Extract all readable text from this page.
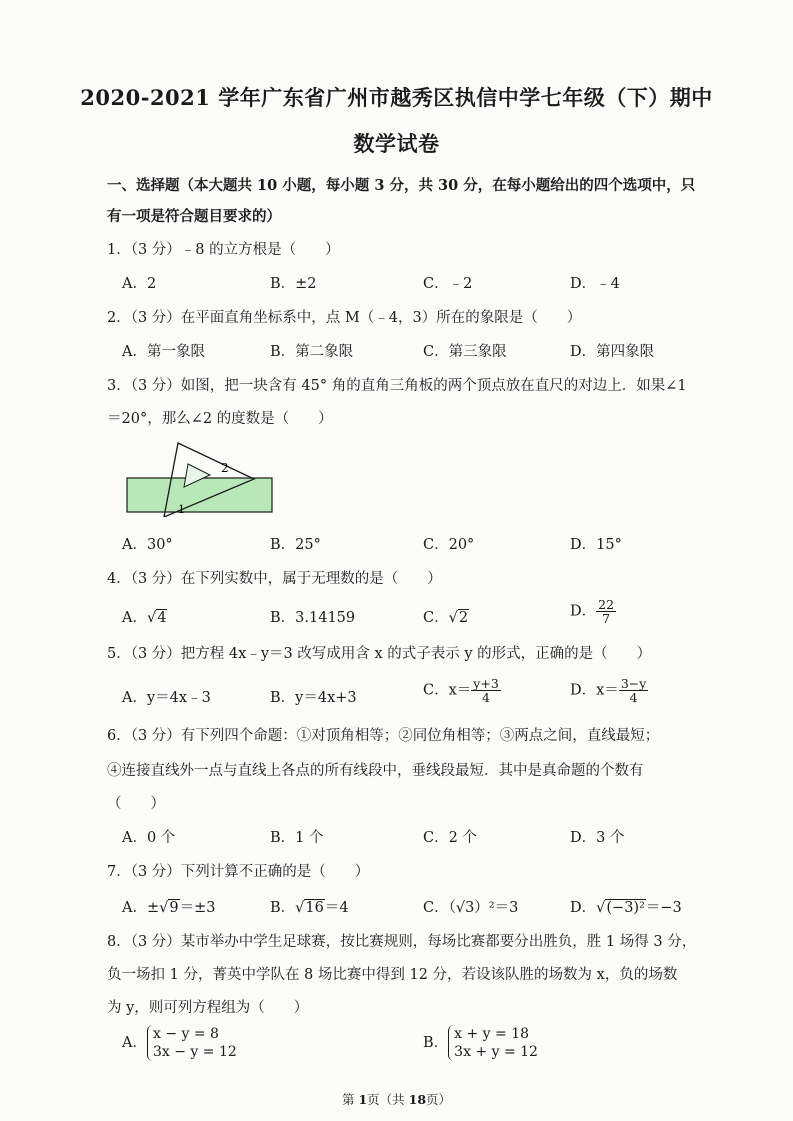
2020-2021 学年广东省广州市越秀区执信中学七年级（下）期中
数学试卷
一、选择题（本大题共 10 小题，每小题 3 分，共 30 分，在每小题给出的四个选项中，只
有一项是符合题目要求的）
1．（3 分）﹣8 的立方根是（　　）
A．2	B．±2	C．﹣2	D．﹣4
2．（3 分）在平面直角坐标系中，点 M（﹣4，3）所在的象限是（　　）
A．第一象限	B．第二象限	C．第三象限	D．第四象限
3．（3 分）如图，把一块含有 45° 角的直角三角板的两个顶点放在直尺的对边上．如果∠1
＝20°，那么∠2 的度数是（　　）
2
1
A．30°	B．25°	C．20°	D．15°
4．（3 分）在下列实数中，属于无理数的是（　　）
A．√4	B．3.14159	C．√2	D． $\frac{22}{7}$
5．（3 分）把方程 4x﹣y＝3 改写成用含 x 的式子表示 y 的形式，正确的是（　　）
A．y＝4x﹣3	B．y＝4x+3	C．$x= \frac{y+3}{4}$	D．$x= \frac{3-y}{4}$
6．（3 分）有下列四个命题：①对顶角相等；②同位角相等；③两点之间，直线最短；
④连接直线外一点与直线上各点的所有线段中，垂线段最短．其中是真命题的个数有
（　　）
A．0 个	B．1 个	C．2 个	D．3 个
7．（3 分）下列计算不正确的是（　　）
A．±√9＝±3	B．√16＝4	C．（√3）²＝3	D．√(−3)²＝−3
8．（3 分）某市举办中学生足球赛，按比赛规则，每场比赛都要分出胜负，胜 1 场得 3 分，
负一场扣 1 分，菁英中学队在 8 场比赛中得到 12 分，若设该队胜的场数为 x，负的场数
为 y，则可列方程组为（　　）
A．
x − y = 8
3x − y = 12
B．
x + y = 18
3x + y = 12
第 1页（共 18页）
